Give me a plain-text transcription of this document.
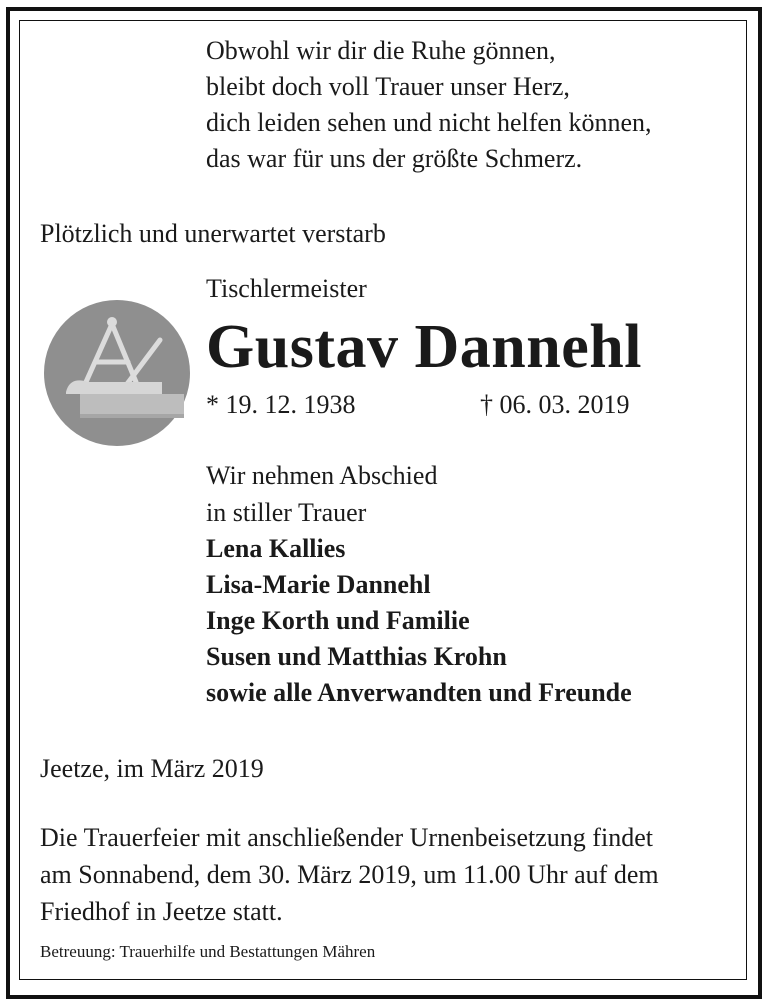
Obwohl wir dir die Ruhe gönnen,
bleibt doch voll Trauer unser Herz,
dich leiden sehen und nicht helfen können,
das war für uns der größte Schmerz.
Plötzlich und unerwartet verstarb
Tischlermeister
Gustav Dannehl
* 19. 12. 1938	† 06. 03. 2019
Wir nehmen Abschied
in stiller Trauer
Lena Kallies
Lisa-Marie Dannehl
Inge Korth und Familie
Susen und Matthias Krohn
sowie alle Anverwandten und Freunde
Jeetze, im März 2019
Die Trauerfeier mit anschließender Urnenbeisetzung findet
am Sonnabend, dem 30. März 2019, um 11.00 Uhr auf dem
Friedhof in Jeetze statt.
Betreuung: Trauerhilfe und Bestattungen Mähren
